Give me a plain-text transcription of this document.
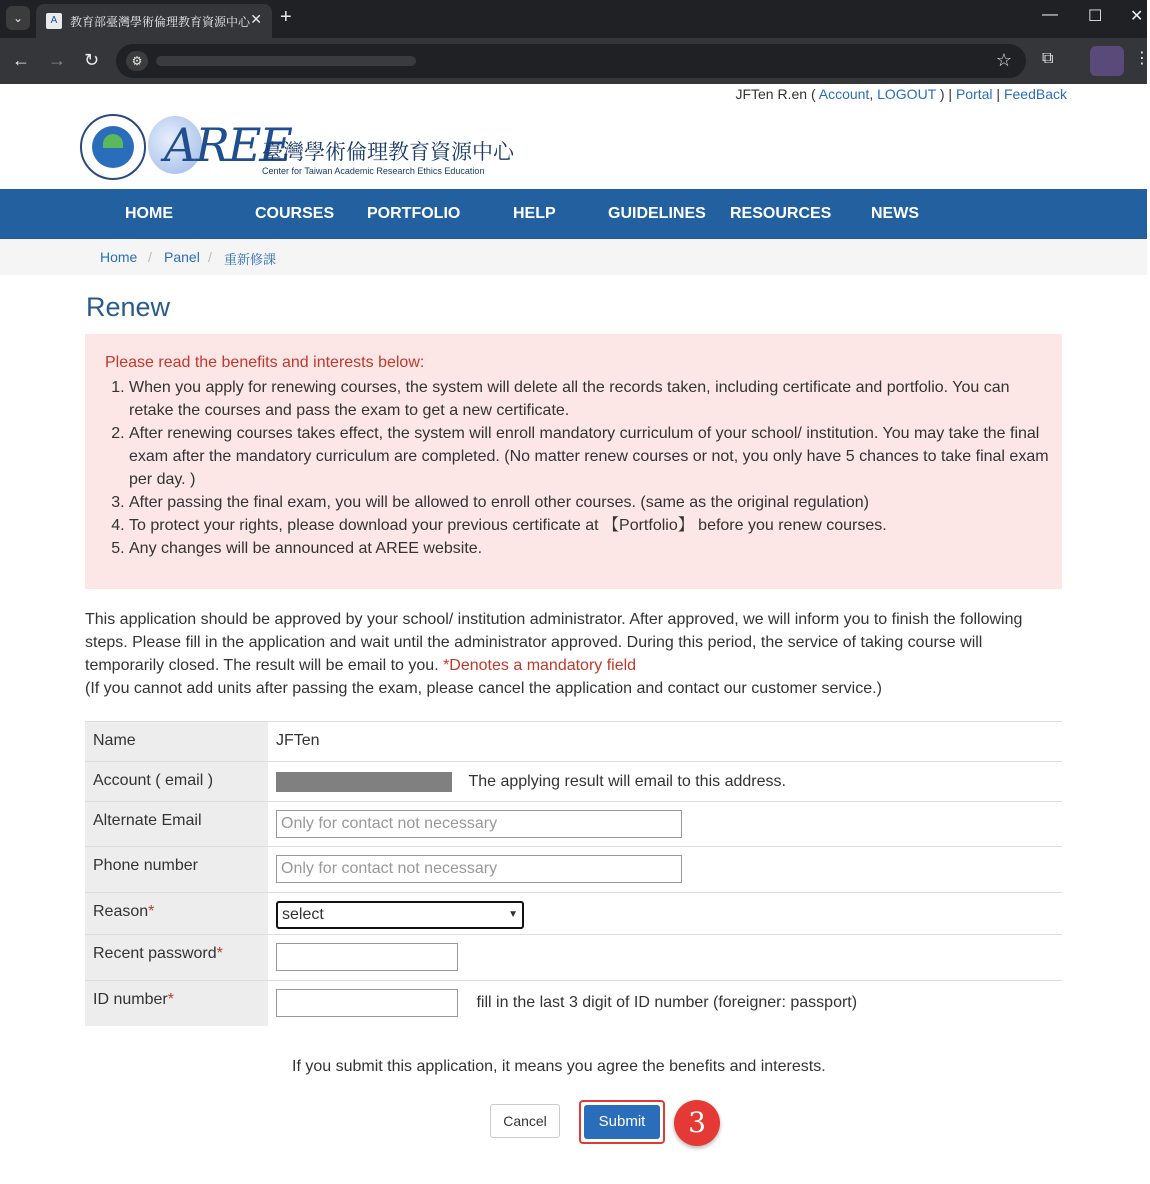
⌄	A	教育部臺灣學術倫理教育資源中心 ✕ +	— ☐ ✕
← → ↻	⚙	☆ ⧉	⋮
JFTen R.en ( Account, LOGOUT ) | Portal | FeedBack
AREE
臺灣學術倫理教育資源中心
Center for Taiwan Academic Research Ethics Education
HOME	COURSES PORTFOLIO	HELP	GUIDELINES RESOURCES NEWS
Home / Panel / 重新修課
Renew
Please read the benefits and interests below:
1. When you apply for renewing courses, the system will delete all the records taken, including certificate and portfolio. You can retake the courses and pass the exam to get a new certificate.
2. After renewing courses takes effect, the system will enroll mandatory curriculum of your school/ institution. You may take the final exam after the mandatory curriculum are completed. (No matter renew courses or not, you only have 5 chances to take final exam per day. )
3. After passing the final exam, you will be allowed to enroll other courses. (same as the original regulation)
4. To protect your rights, please download your previous certificate at 【Portfolio】 before you renew courses.
5. Any changes will be announced at AREE website.
This application should be approved by your school/ institution administrator. After approved, we will inform you to finish the following steps. Please fill in the application and wait until the administrator approved. During this period, the service of taking course will temporarily closed. The result will be email to you. *Denotes a mandatory field
(If you cannot add units after passing the exam, please cancel the application and contact our customer service.)
Name	JFTen
Account ( email )	The applying result will email to this address.
Alternate Email	Only for contact not necessary

Phone number	Only for contact not necessary

Reason*	select ▼

Recent password*	

ID number*	fill in the last 3 digit of ID number (foreigner: passport)
If you submit this application, it means you agree the benefits and interests.
Cancel	Submit	3
